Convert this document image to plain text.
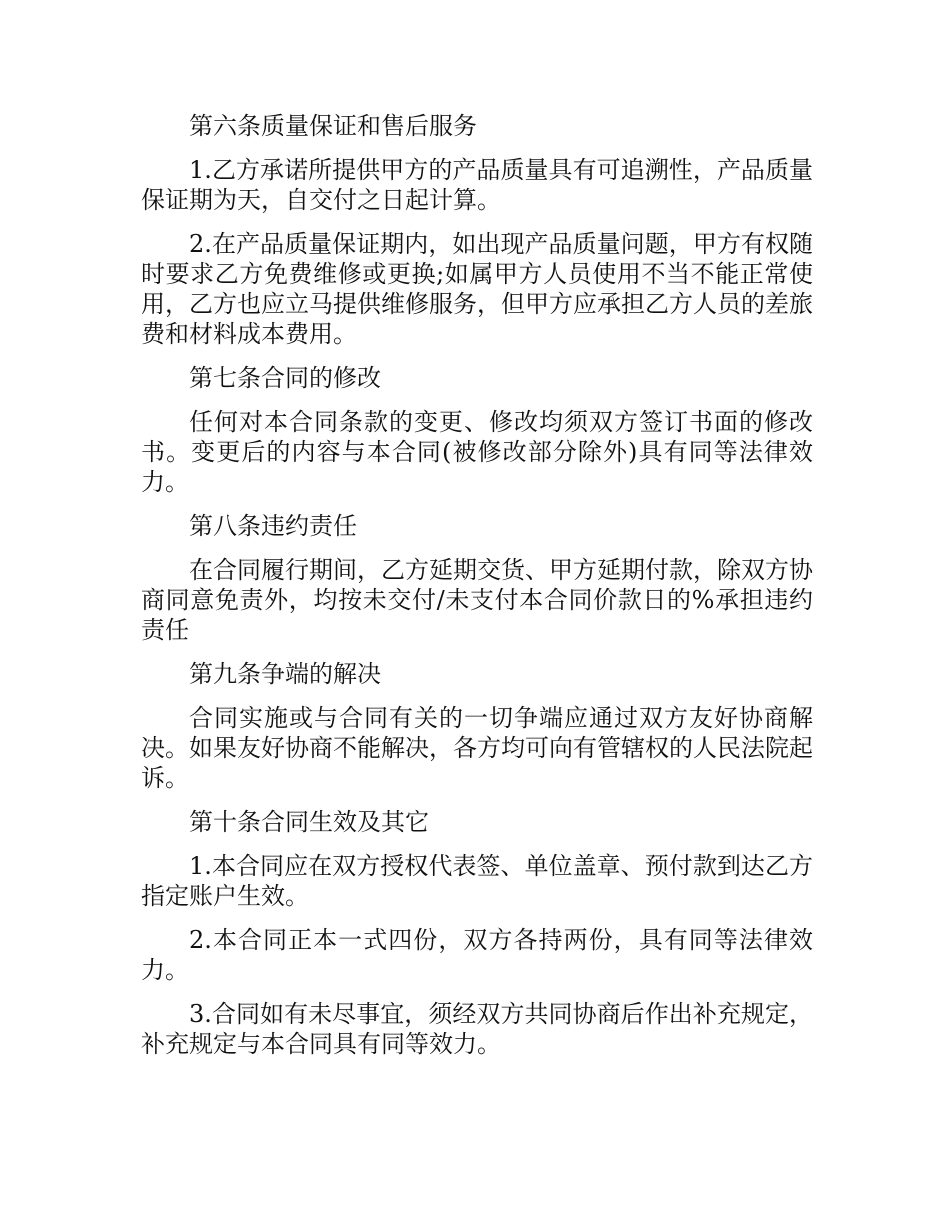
第六条质量保证和售后服务

1.乙方承诺所提供甲方的产品质量具有可追溯性，产品质量保证期为天，自交付之日起计算。

2.在产品质量保证期内，如出现产品质量问题，甲方有权随时要求乙方免费维修或更换;如属甲方人员使用不当不能正常使用，乙方也应立马提供维修服务，但甲方应承担乙方人员的差旅费和材料成本费用。

第七条合同的修改

任何对本合同条款的变更、修改均须双方签订书面的修改书。变更后的内容与本合同(被修改部分除外)具有同等法律效力。

第八条违约责任

在合同履行期间，乙方延期交货、甲方延期付款，除双方协商同意免责外，均按未交付/未支付本合同价款日的%承担违约责任

第九条争端的解决

合同实施或与合同有关的一切争端应通过双方友好协商解决。如果友好协商不能解决，各方均可向有管辖权的人民法院起诉。

第十条合同生效及其它

1.本合同应在双方授权代表签、单位盖章、预付款到达乙方指定账户生效。

2.本合同正本一式四份，双方各持两份，具有同等法律效力。

3.合同如有未尽事宜，须经双方共同协商后作出补充规定，补充规定与本合同具有同等效力。
